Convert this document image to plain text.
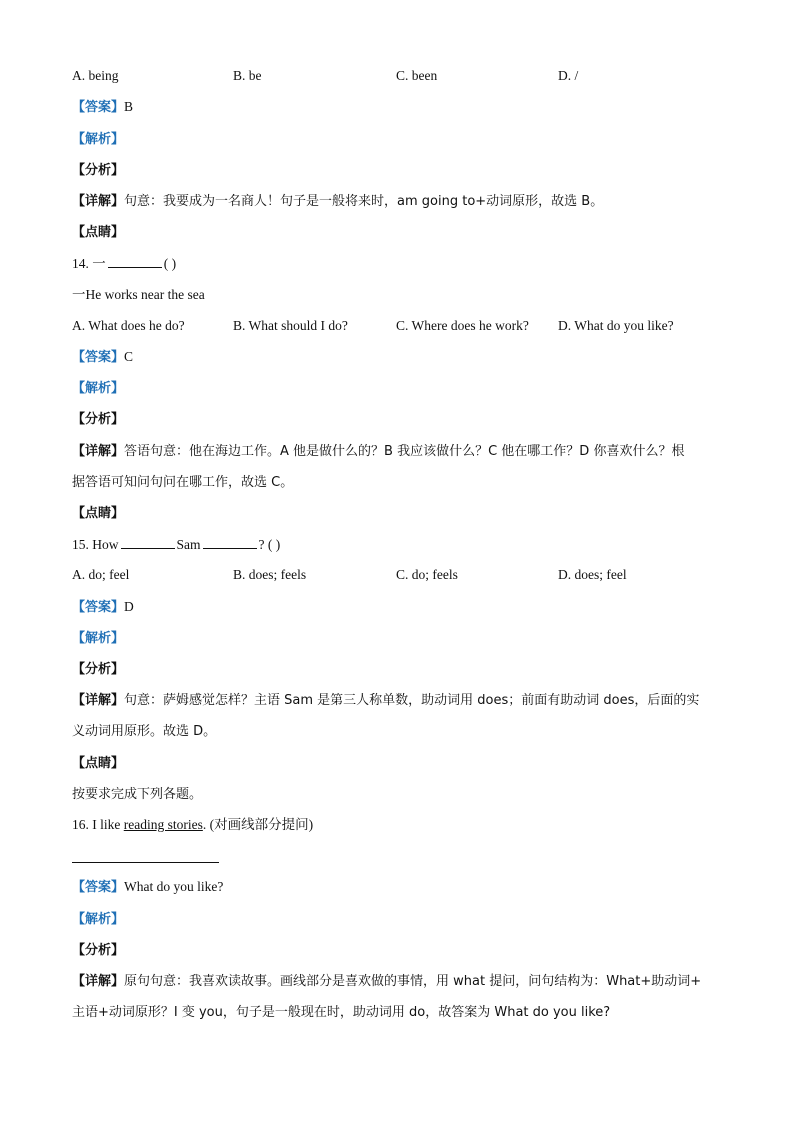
A. being	B. be	C. been	D. /
【答案】B
【解析】
【分析】
【详解】句意：我要成为一名商人！句子是一般将来时，am going to+动词原形，故选 B。
【点睛】
14. 一	( )
一He works near the sea
A. What does he do?	B. What should I do?	C. Where does he work? D. What do you like?
【答案】C
【解析】
【分析】
【详解】答语句意：他在海边工作。A 他是做什么的？B 我应该做什么？C 他在哪工作？D 你喜欢什么？根
据答语可知问句问在哪工作，故选 C。
【点睛】
15. How	Sam	? ( )
A. do; feel	B. does; feels	C. do; feels	D. does; feel
【答案】D
【解析】
【分析】
【详解】句意：萨姆感觉怎样？主语 Sam 是第三人称单数，助动词用 does；前面有助动词 does，后面的实
义动词用原形。故选 D。
【点睛】
按要求完成下列各题。
16. I like reading stories. (对画线部分提问)
【答案】What do you like?
【解析】
【分析】
【详解】原句句意：我喜欢读故事。画线部分是喜欢做的事情，用 what 提问，问句结构为：What+助动词+
主语+动词原形？I 变 you，句子是一般现在时，助动词用 do，故答案为 What do you like?
